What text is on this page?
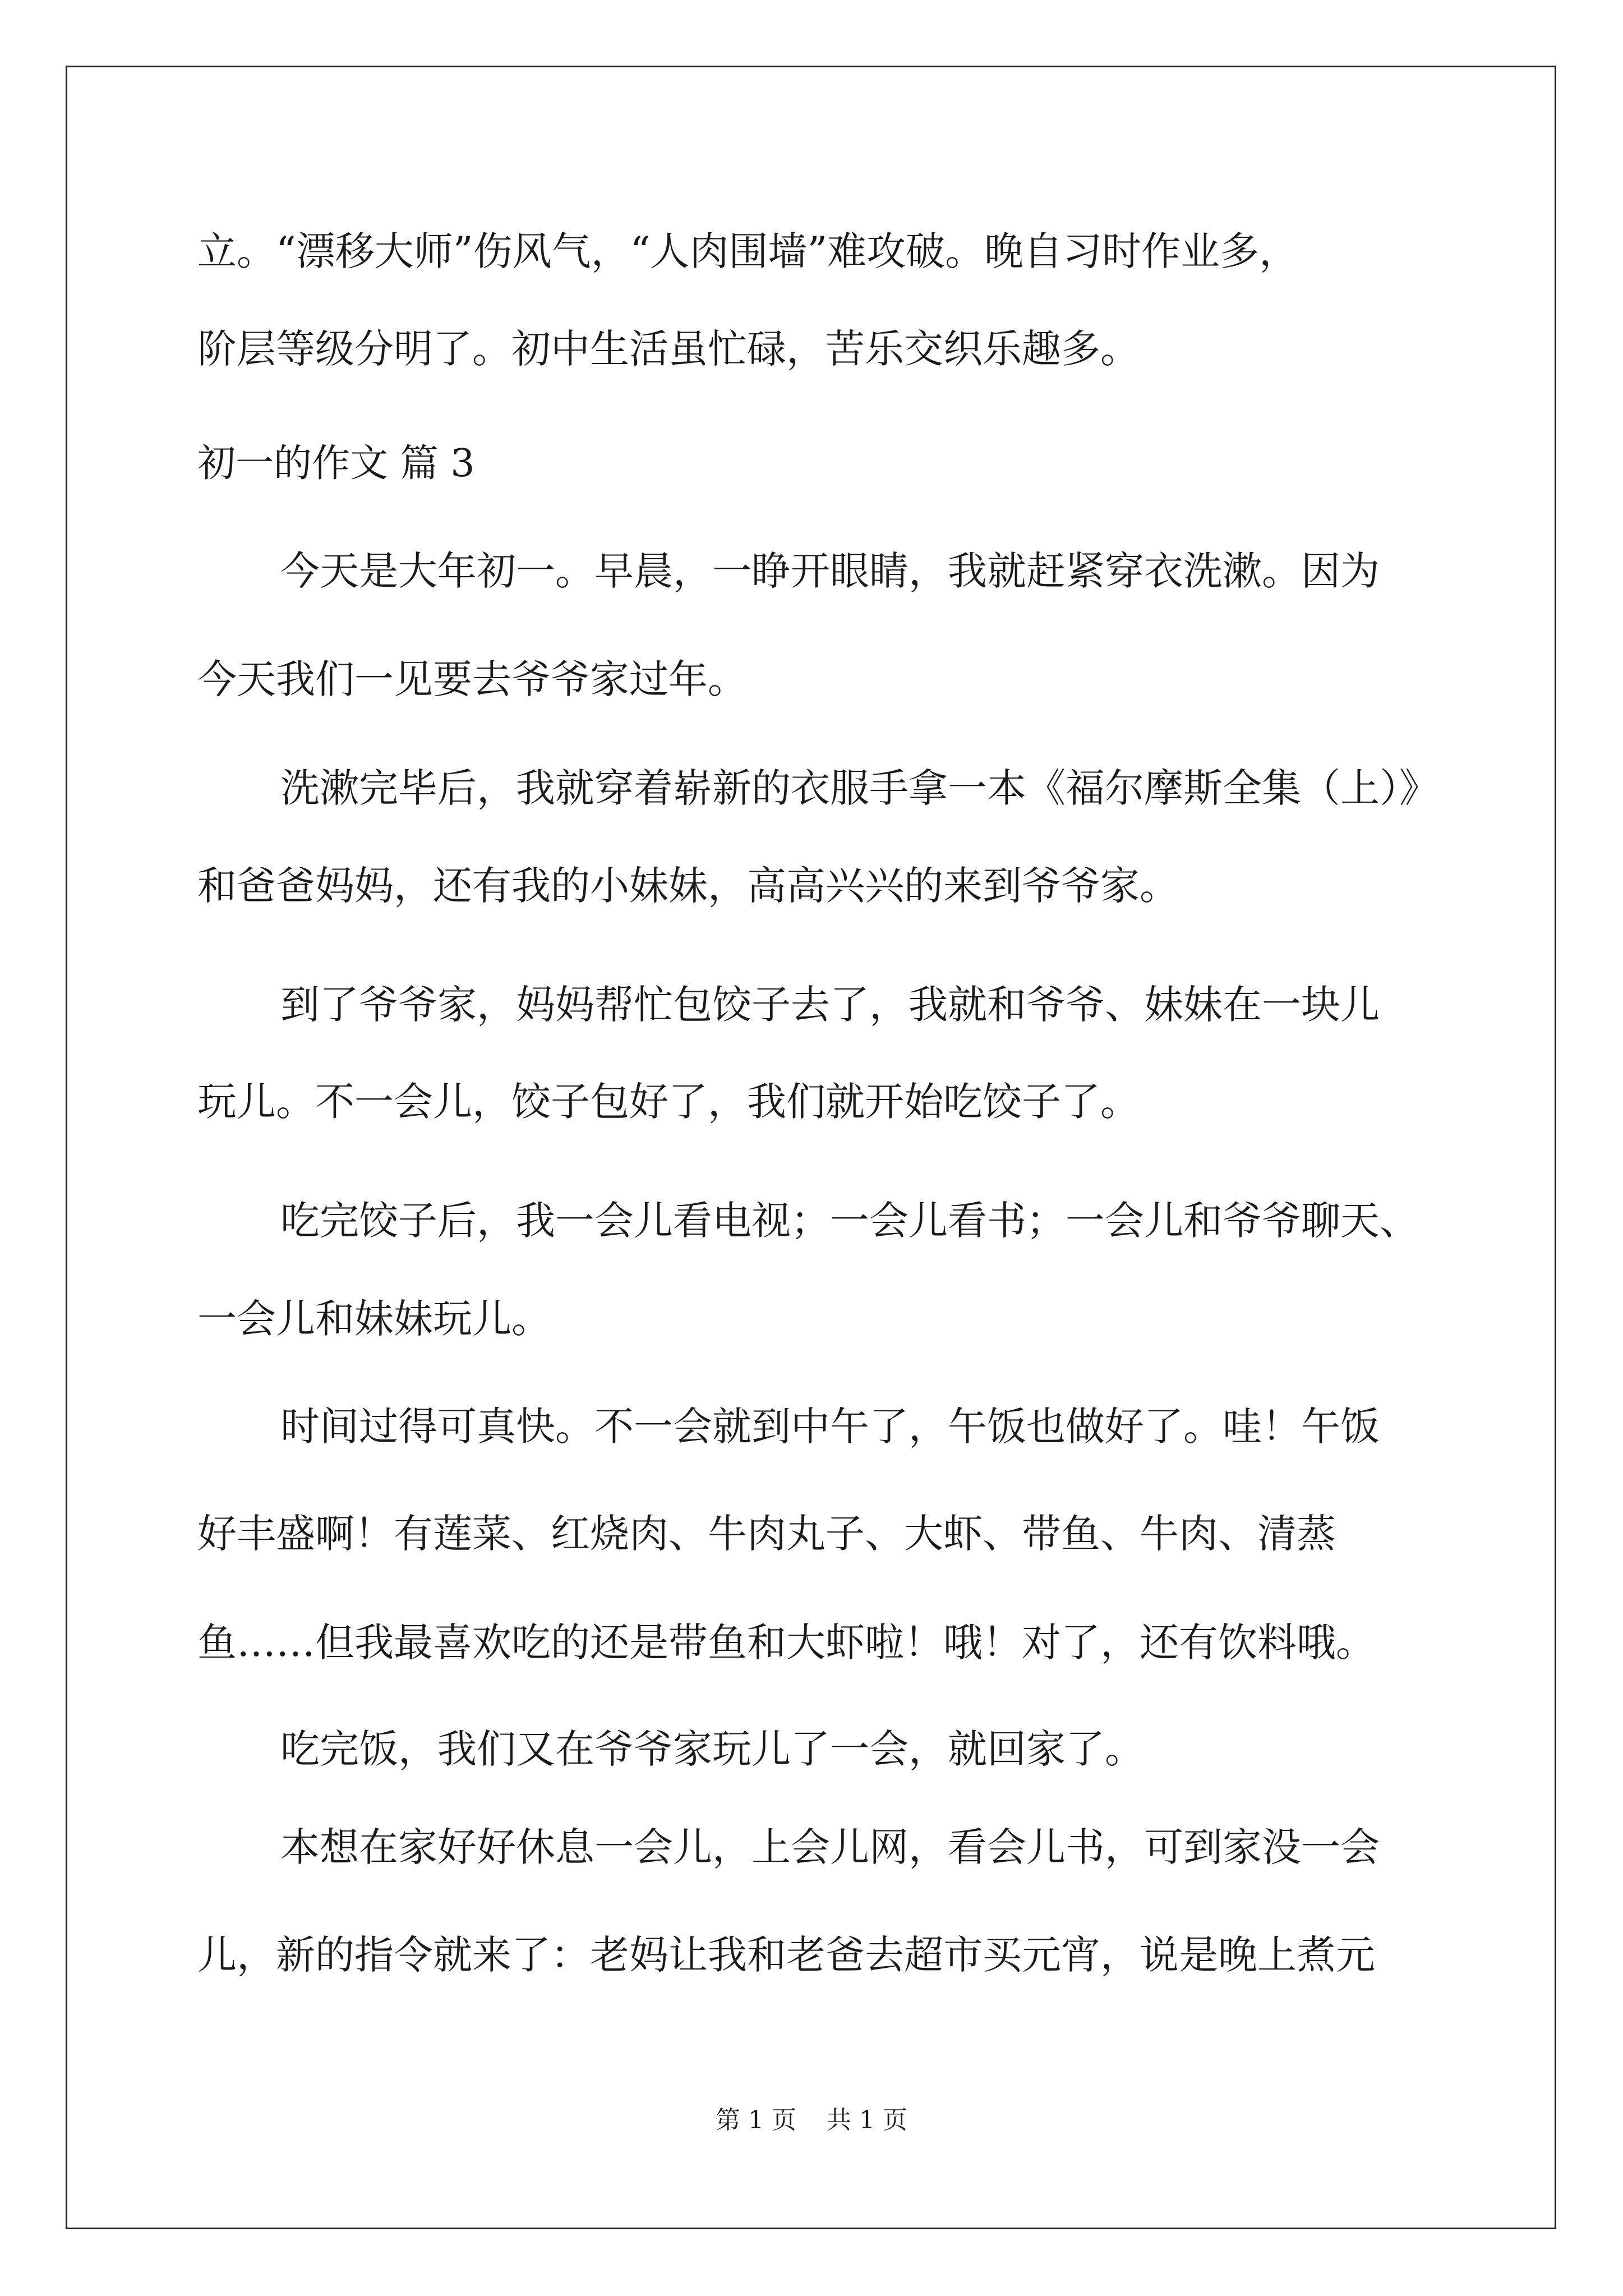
立。“漂移大师”伤风气，“人肉围墙”难攻破。晚自习时作业多，
阶层等级分明了。初中生活虽忙碌，苦乐交织乐趣多。
初一的作文 篇 3
今天是大年初一。早晨，一睁开眼睛，我就赶紧穿衣洗漱。因为
今天我们一见要去爷爷家过年。
洗漱完毕后，我就穿着崭新的衣服手拿一本《福尔摩斯全集（上）》
和爸爸妈妈，还有我的小妹妹，高高兴兴的来到爷爷家。
到了爷爷家，妈妈帮忙包饺子去了，我就和爷爷、妹妹在一块儿
玩儿。不一会儿，饺子包好了，我们就开始吃饺子了。
吃完饺子后，我一会儿看电视；一会儿看书；一会儿和爷爷聊天、
一会儿和妹妹玩儿。
时间过得可真快。不一会就到中午了，午饭也做好了。哇！午饭
好丰盛啊！有莲菜、红烧肉、牛肉丸子、大虾、带鱼、牛肉、清蒸
鱼……但我最喜欢吃的还是带鱼和大虾啦！哦！对了，还有饮料哦。
吃完饭，我们又在爷爷家玩儿了一会，就回家了。
本想在家好好休息一会儿，上会儿网，看会儿书，可到家没一会
儿，新的指令就来了：老妈让我和老爸去超市买元宵，说是晚上煮元
第 1 页 共 1 页
